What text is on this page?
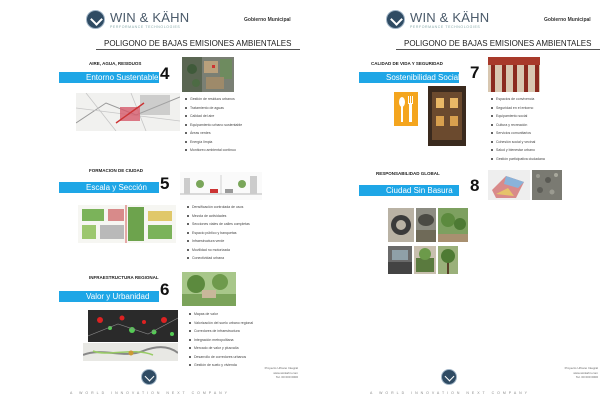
WIN & KÄHN
PERFORMANCE TECHNOLOGIES
Gobierno Municipal
POLIGONO DE BAJAS EMISIONES AMBIENTALES
AIRE, AGUA, RESIDUOS
Entorno Sustentable 4
Gestión de residuos urbanos
Tratamiento de aguas
Calidad del aire
Equipamiento urbano sustentable
Áreas verdes
Energía limpia
Monitoreo ambiental continuo
FORMACION DE CIUDAD
Escala y Sección 5
Densificación controlada de usos
Mezcla de actividades
Secciones viales de calles completas
Espacio público y banquetas
Infraestructura verde
Movilidad no motorizada
Conectividad urbana
INFRAESTRUCTURA REGIONAL
Valor y Urbanidad 6
Mapas de valor
Valorización del suelo urbano regional
Corredores de infraestructura
Integración metropolitana
Mercado de valor y plusvalía
Desarrollo de corredores urbanos
Gestión de suelo y vivienda
Proyecto Urbano Integral
www.winkahn.com
Tel. 00 000 0000
A WORLD INNOVATION NEXT COMPANY
WIN & KÄHN
PERFORMANCE TECHNOLOGIES
Gobierno Municipal
POLIGONO DE BAJAS EMISIONES AMBIENTALES
CALIDAD DE VIDA Y SEGURIDAD
Sostenibilidad Social 7
Espacios de convivencia
Seguridad en el entorno
Equipamiento social
Cultura y recreación
Servicios comunitarios
Cohesión social y vecinal
Salud y bienestar urbano
Gestión participativa ciudadana
RESPONSABILIDAD GLOBAL
Ciudad Sin Basura	8
Proyecto Urbano Integral
www.winkahn.com
Tel. 00 000 0000
A WORLD INNOVATION NEXT COMPANY
